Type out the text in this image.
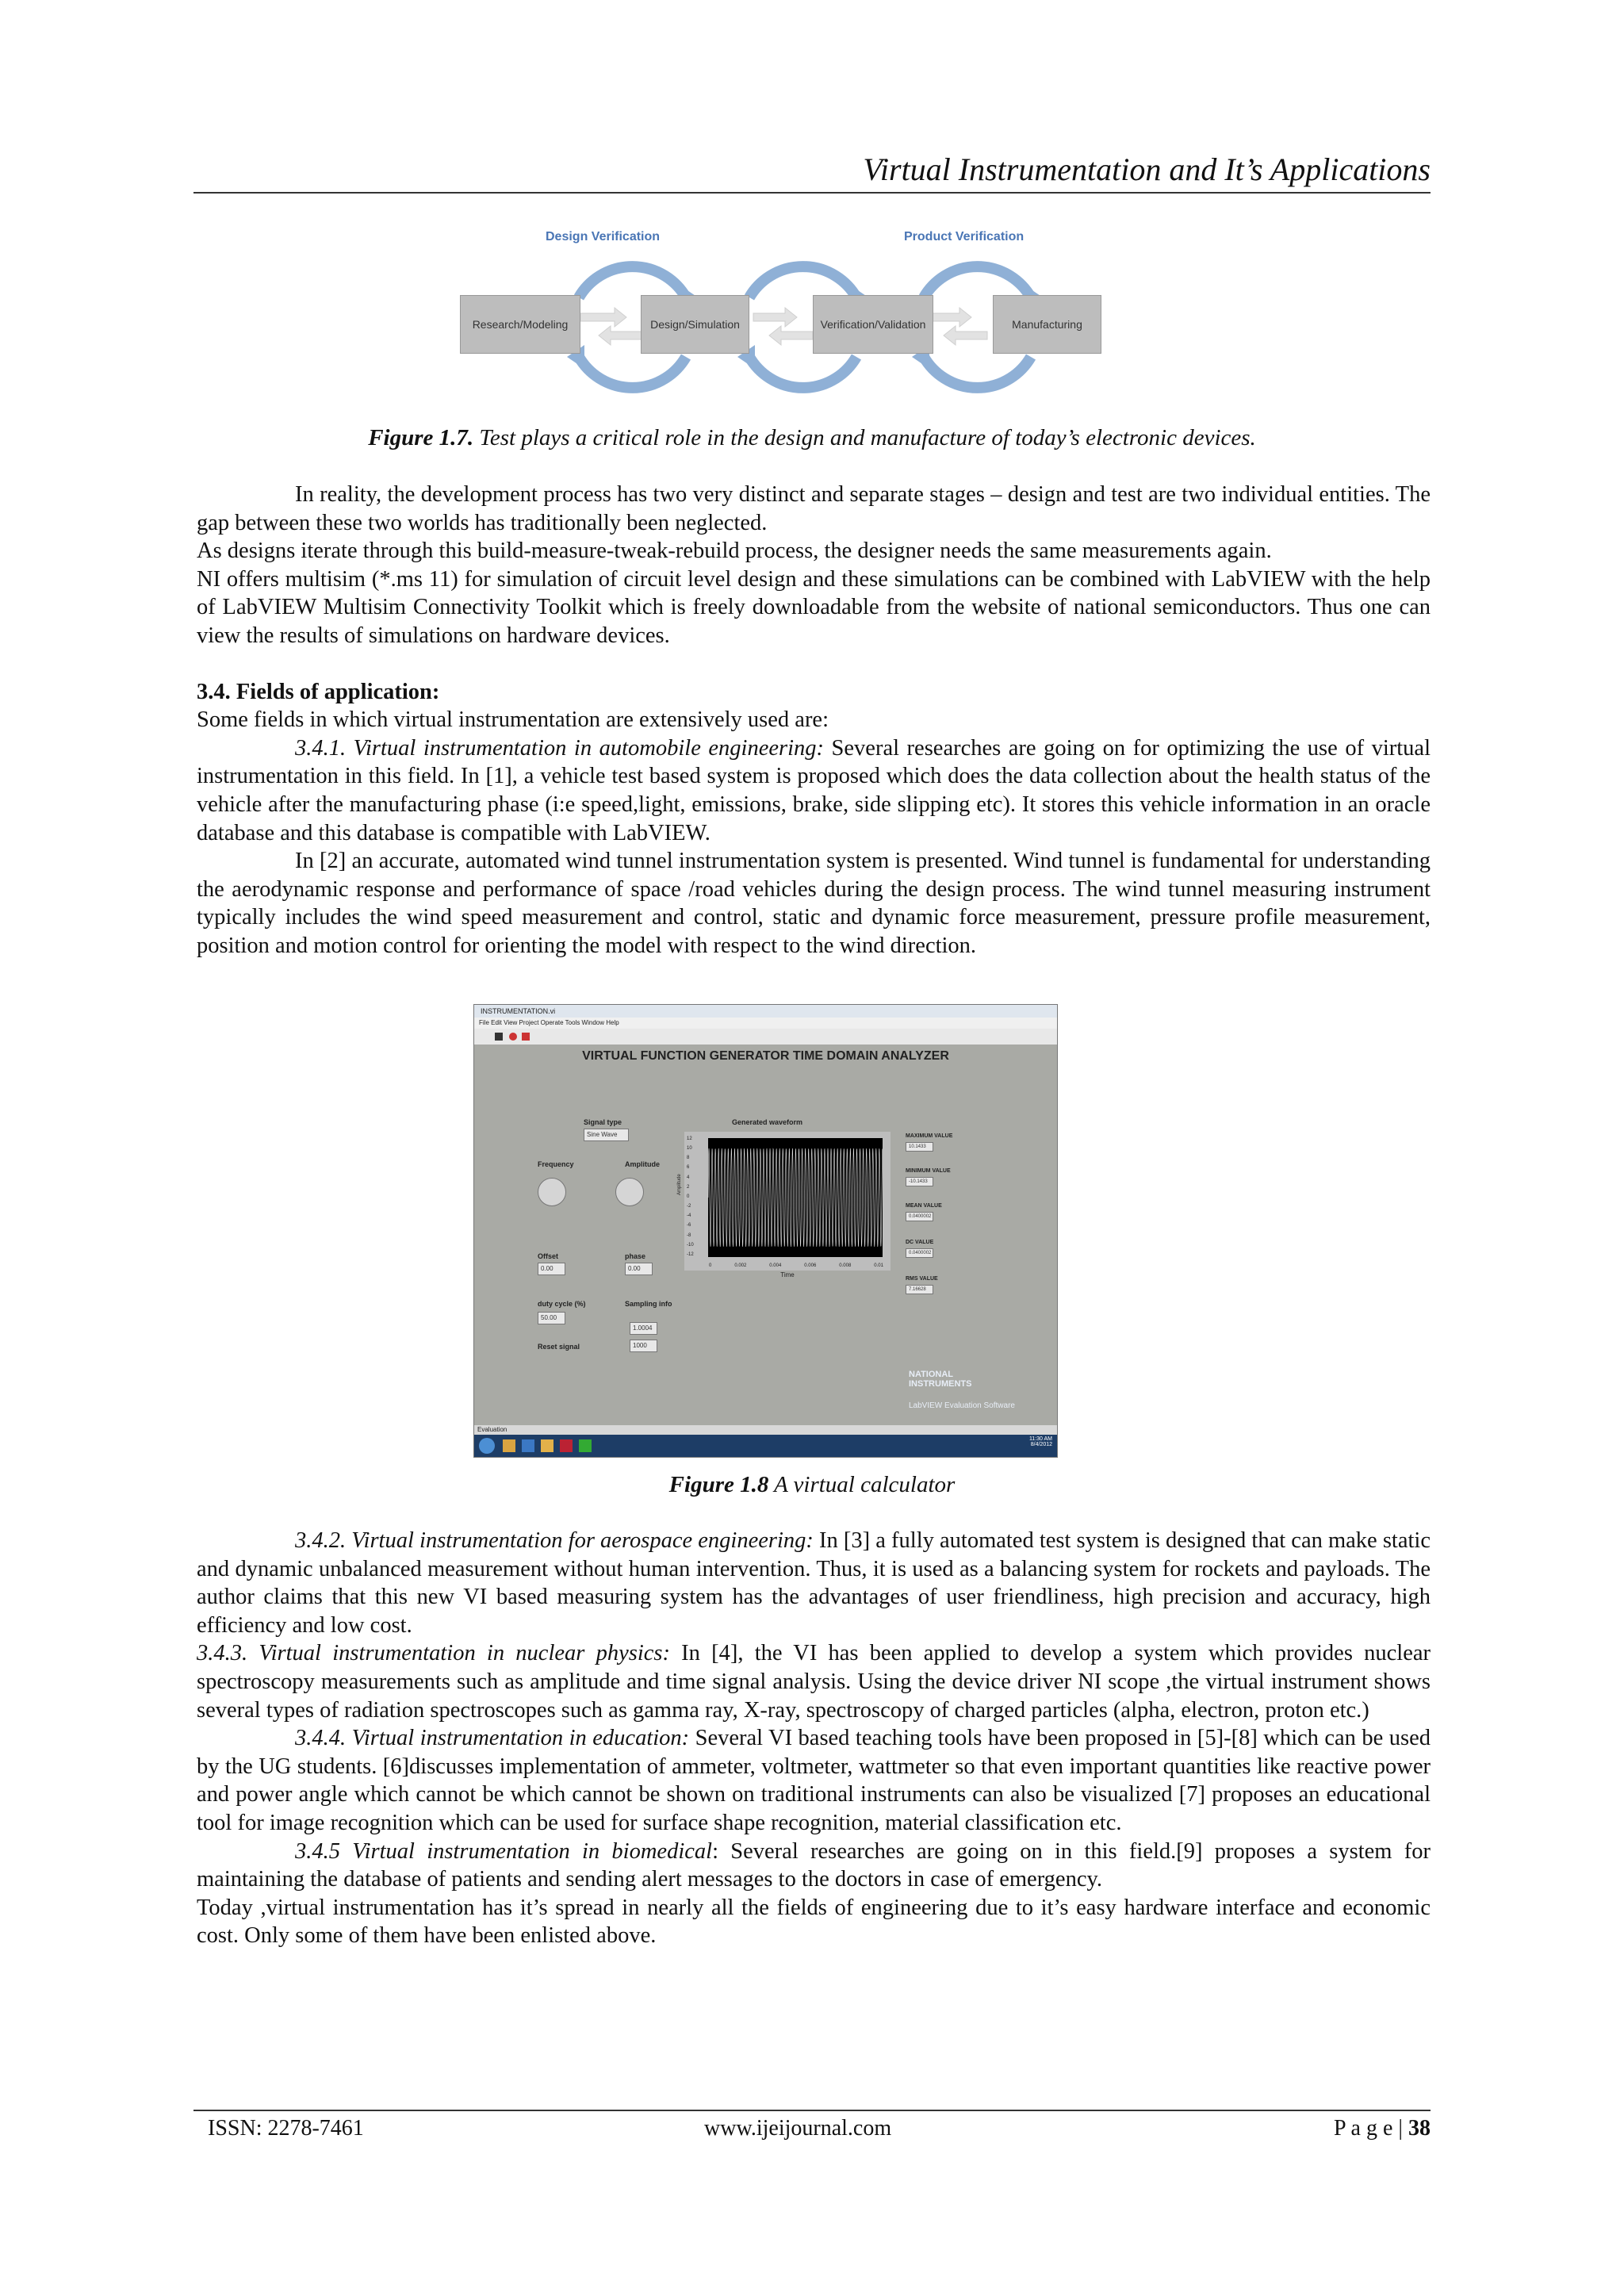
Virtual Instrumentation and It’s Applications
Design Verification	Product Verification
Research/Modeling	Design/Simulation	Verification/Validation	Manufacturing
Figure 1.7. Test plays a critical role in the design and manufacture of today’s electronic devices.

In reality, the development process has two very distinct and separate stages – design and test are two individual entities. The gap between these two worlds has traditionally been neglected.

As designs iterate through this build-measure-tweak-rebuild process, the designer needs the same measurements again.

NI offers multisim (*.ms 11) for simulation of circuit level design and these simulations can be combined with LabVIEW with the help of LabVIEW Multisim Connectivity Toolkit which is freely downloadable from the website of national semiconductors. Thus one can view the results of simulations on hardware devices.

3.4. Fields of application:

Some fields in which virtual instrumentation are extensively used are:

3.4.1. Virtual instrumentation in automobile engineering: Several researches are going on for optimizing the use of virtual instrumentation in this field. In [1], a vehicle test based system is proposed which does the data collection about the health status of the vehicle after the manufacturing phase (i:e speed,light, emissions, brake, side slipping etc). It stores this vehicle information in an oracle database and this database is compatible with LabVIEW.

In [2] an accurate, automated wind tunnel instrumentation system is presented. Wind tunnel is fundamental for understanding the aerodynamic response and performance of space /road vehicles during the design process. The wind tunnel measuring instrument typically includes the wind speed measurement and control, static and dynamic force measurement, pressure profile measurement, position and motion control for orienting the model with respect to the wind direction.

INSTRUMENTATION.vi
File Edit View Project Operate Tools Window Help
VIRTUAL FUNCTION GENERATOR TIME DOMAIN ANALYZER
Signal type
Sine Wave
Frequency	Amplitude
Offset
0.00
phase
0.00
duty cycle (%)
50.00
Sampling info
1.0004
1000
Reset signal
Generated waveform
Time
0	0.002	0.004	0.006	0.008	0.01
12
10
8
6
4
2
0
-2
-4
-6
-8
-10
-12
Amplitude
MAXIMUM VALUE
10.1433
MINIMUM VALUE
-10.1433
MEAN VALUE
0.0400002
DC VALUE
0.0400002
RMS VALUE
7.16628
NATIONAL INSTRUMENTS
LabVIEW Evaluation Software
Evaluation
11:30 AM
8/4/2012
Figure 1.8 A virtual calculator

3.4.2. Virtual instrumentation for aerospace engineering: In [3] a fully automated test system is designed that can make static and dynamic unbalanced measurement without human intervention. Thus, it is used as a balancing system for rockets and payloads. The author claims that this new VI based measuring system has the advantages of user friendliness, high precision and accuracy, high efficiency and low cost.

3.4.3. Virtual instrumentation in nuclear physics: In [4], the VI has been applied to develop a system which provides nuclear spectroscopy measurements such as amplitude and time signal analysis. Using the device driver NI scope ,the virtual instrument shows several types of radiation spectroscopes such as gamma ray, X-ray, spectroscopy of charged particles (alpha, electron, proton etc.)

3.4.4. Virtual instrumentation in education: Several VI based teaching tools have been proposed in [5]-[8] which can be used by the UG students. [6]discusses implementation of ammeter, voltmeter, wattmeter so that even important quantities like reactive power and power angle which cannot be which cannot be shown on traditional instruments can also be visualized [7] proposes an educational tool for image recognition which can be used for surface shape recognition, material classification etc.

3.4.5 Virtual instrumentation in biomedical: Several researches are going on in this field.[9] proposes a system for maintaining the database of patients and sending alert messages to the doctors in case of emergency.

Today ,virtual instrumentation has it’s spread in nearly all the fields of engineering due to it’s easy hardware interface and economic cost. Only some of them have been enlisted above.

ISSN: 2278-7461	www.ijeijournal.com	P a g e | 38
